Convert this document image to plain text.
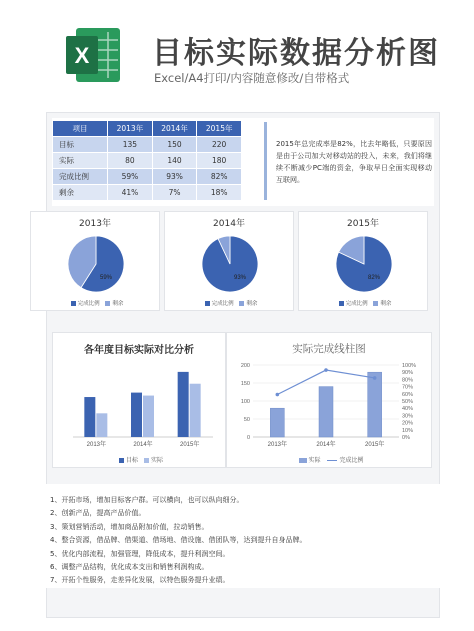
X 目标实际数据分析图
Excel/A4打印/内容随意修改/自带格式
项目	2013年	2014年	2015年
目标	135	150	220
实际	80	140	180
完成比例	59%	93%	82%
剩余	41%	7%	18%
2015年总完成率是82%，比去年略低，只要原因是由于公司加大对移动站的投入，未来，我们将继续不断减少PC端的资金，争取早日全面实现移动互联网。
2013年
59%
完成比例 剩余
2014年
93%
完成比例 剩余
2015年
82%
完成比例 剩余
各年度目标实际对比分析
2013年	2014年	2015年
目标 实际
实际完成线柱图
0
50
100
150
200
0%
10%
20%
30%
40%
50%
60%
70%
80%
90%
100%
2013年	2014年	2015年
实际	完成比例
1、开拓市场，增加目标客户群。可以横向，也可以纵向细分。
2、创新产品，提高产品价值。
3、策划营销活动，增加商品附加价值，拉动销售。
4、整合资源，借品牌、借渠道、借场地、借设施、借团队等，达到提升自身品牌。
5、优化内部流程，加强管理，降低成本，提升利润空间。
6、调整产品结构，优化成本支出和销售利润构成。
7、开拓个性服务，走差异化发展，以特色服务提升业绩。
